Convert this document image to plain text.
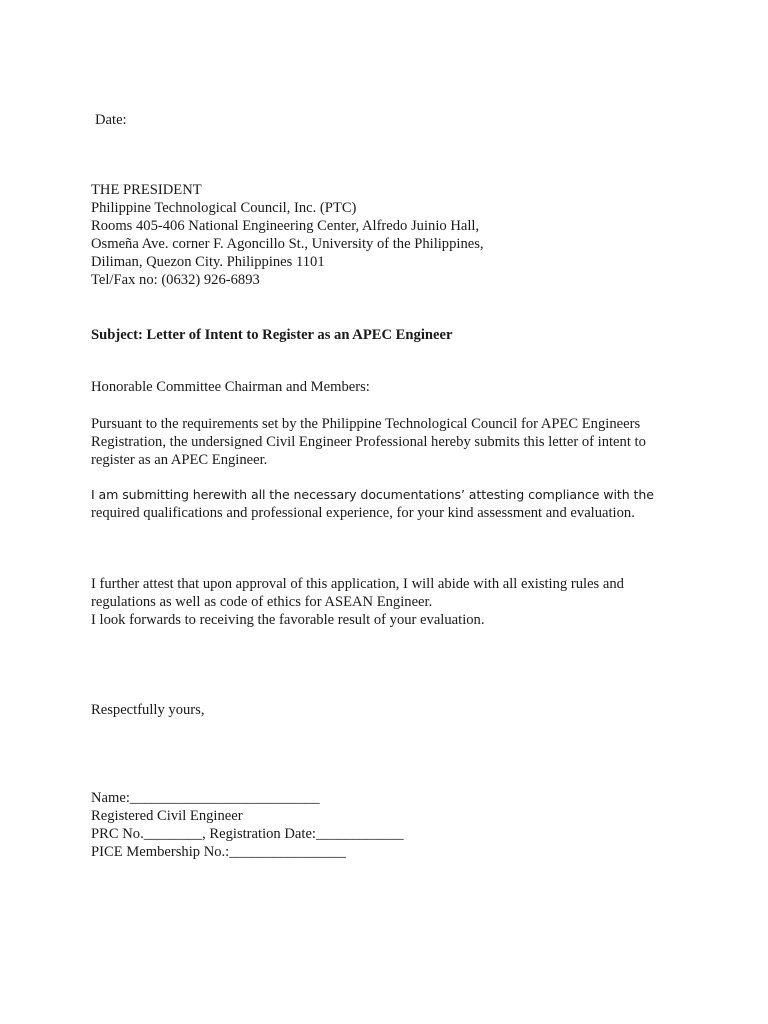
Date:
THE PRESIDENT
Philippine Technological Council, Inc. (PTC)
Rooms 405-406 National Engineering Center, Alfredo Juinio Hall,
Osmeña Ave. corner F. Agoncillo St., University of the Philippines,
Diliman, Quezon City. Philippines 1101
Tel/Fax no: (0632) 926-6893
Subject: Letter of Intent to Register as an APEC Engineer
Honorable Committee Chairman and Members:
Pursuant to the requirements set by the Philippine Technological Council for APEC Engineers
Registration, the undersigned Civil Engineer Professional hereby submits this letter of intent to
register as an APEC Engineer.
I am submitting herewith all the necessary documentations’ attesting compliance with the
required qualifications and professional experience, for your kind assessment and evaluation.
I further attest that upon approval of this application, I will abide with all existing rules and
regulations as well as code of ethics for ASEAN Engineer.
I look forwards to receiving the favorable result of your evaluation.
Respectfully yours,
Name:__________________________
Registered Civil Engineer
PRC No.________, Registration Date:____________
PICE Membership No.:________________
